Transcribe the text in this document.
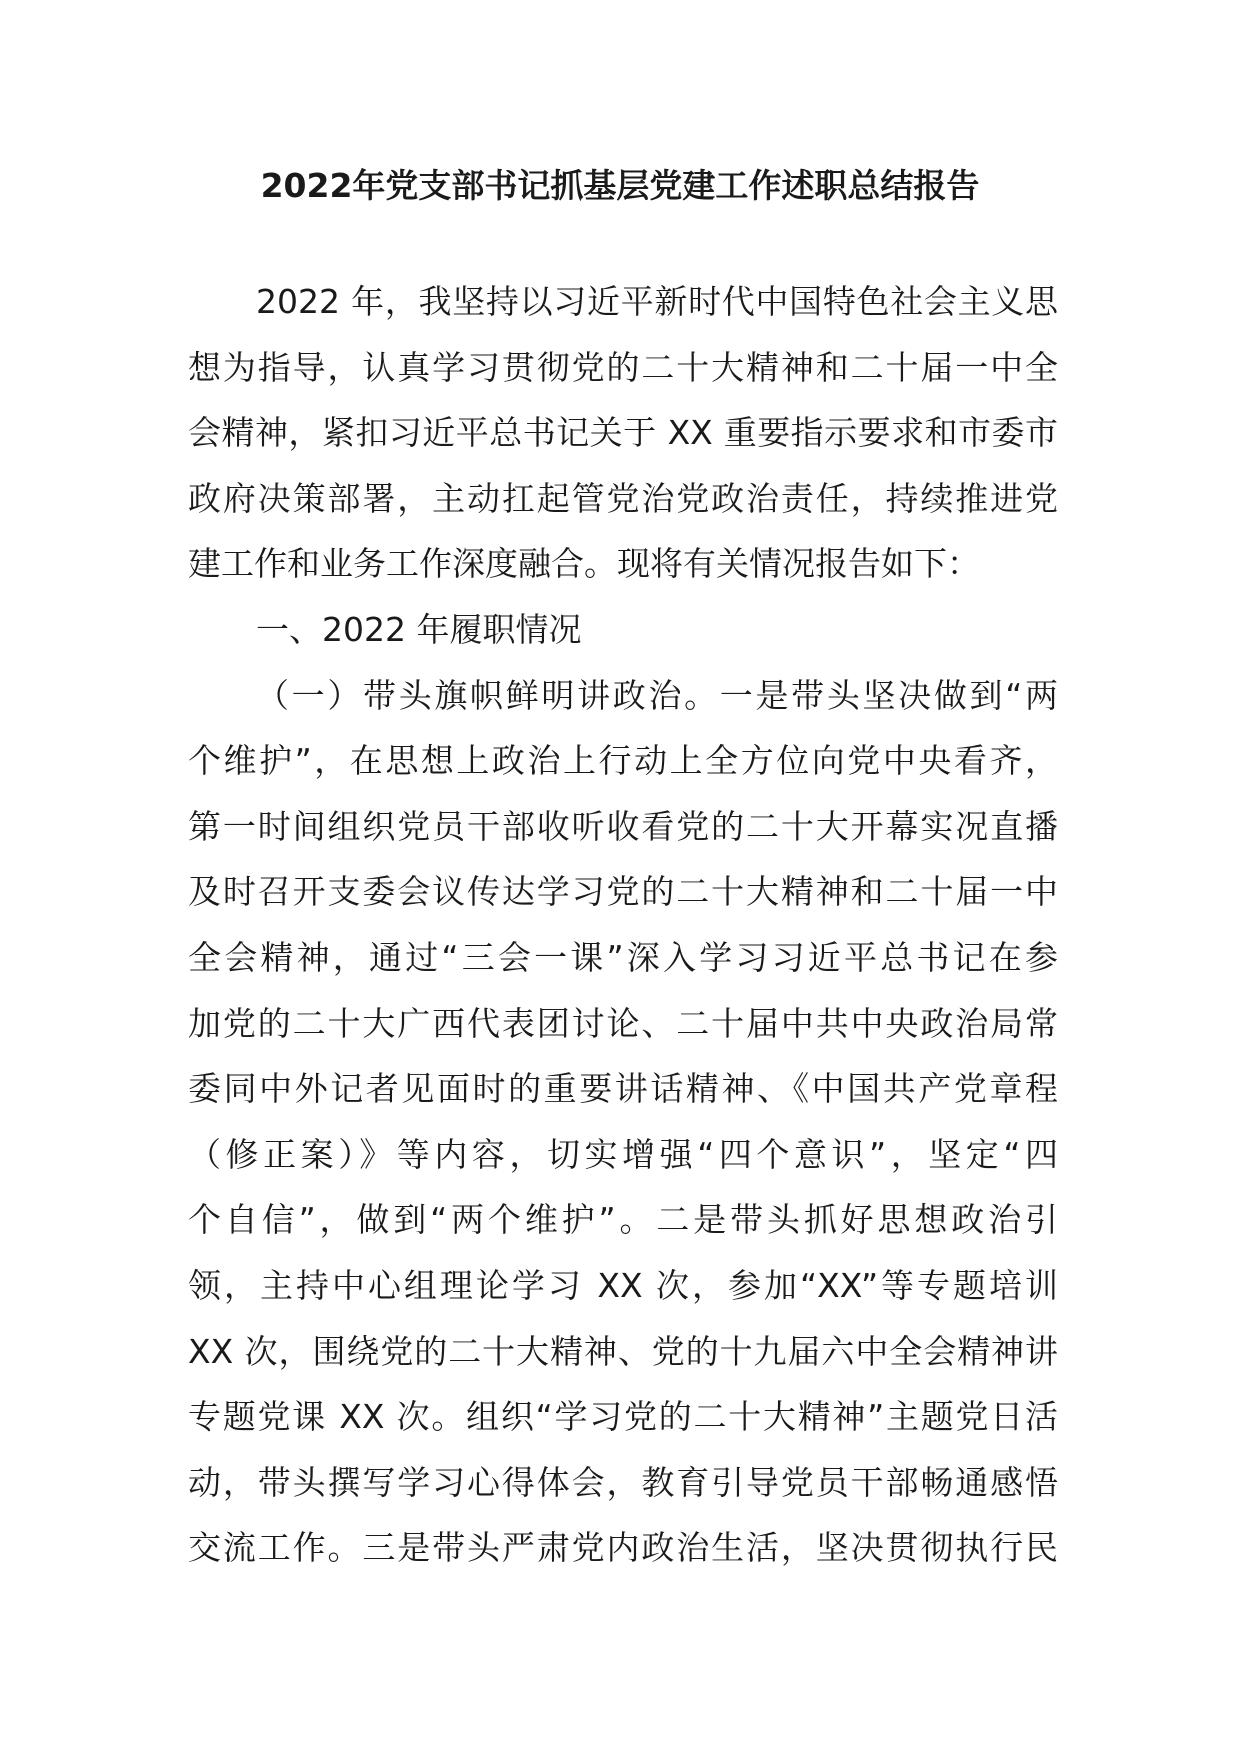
2022年党支部书记抓基层党建工作述职总结报告
2022 年，我坚持以习近平新时代中国特色社会主义思
想为指导，认真学习贯彻党的二十大精神和二十届一中全
会精神，紧扣习近平总书记关于 XX 重要指示要求和市委市
政府决策部署，主动扛起管党治党政治责任，持续推进党
建工作和业务工作深度融合。现将有关情况报告如下：
一、2022 年履职情况
（一）带头旗帜鲜明讲政治。一是带头坚决做到“两
个维护”，在思想上政治上行动上全方位向党中央看齐，
第一时间组织党员干部收听收看党的二十大开幕实况直播
及时召开支委会议传达学习党的二十大精神和二十届一中
全会精神，通过“三会一课”深入学习习近平总书记在参
加党的二十大广西代表团讨论、二十届中共中央政治局常
委同中外记者见面时的重要讲话精神、《中国共产党章程
（修正案）》等内容，切实增强“四个意识”，坚定“四
个自信”，做到“两个维护”。二是带头抓好思想政治引
领，主持中心组理论学习 XX 次，参加“XX”等专题培训
XX 次，围绕党的二十大精神、党的十九届六中全会精神讲
专题党课 XX 次。组织“学习党的二十大精神”主题党日活
动，带头撰写学习心得体会，教育引导党员干部畅通感悟
交流工作。三是带头严肃党内政治生活，坚决贯彻执行民
